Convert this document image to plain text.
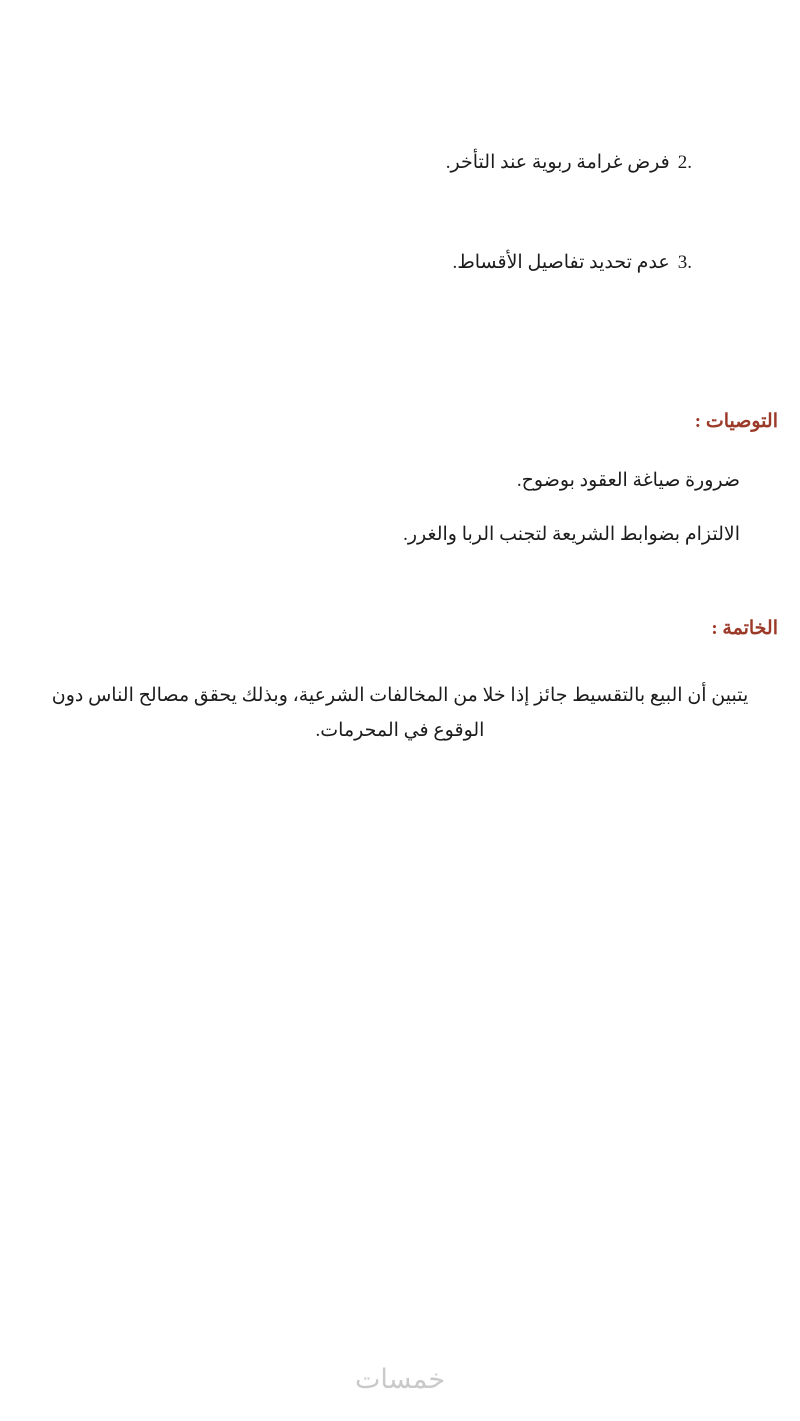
2.
فرض غرامة ربوية عند التأخر.
3.
عدم تحديد تفاصيل الأقساط.
التوصيات :

ضرورة صياغة العقود بوضوح.

الالتزام بضوابط الشريعة لتجنب الربا والغرر.

الخاتمة :

يتبين أن البيع بالتقسيط جائز إذا خلا من المخالفات الشرعية، وبذلك يحقق مصالح الناس دون الوقوع في المحرمات.

خمسات
